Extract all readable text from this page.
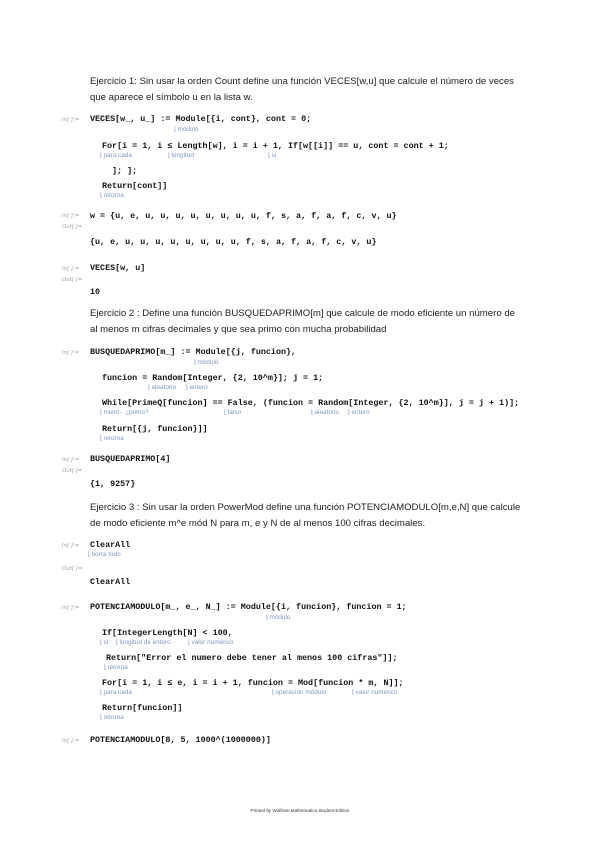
Ejercicio 1: Sin usar la orden Count define una función VECES[w,u] que calcule el número de veces
que aparece el símbolo u en la lista w.
In[ ]:= VECES[w_, u_] := Module[{i, cont}, cont = 0;
⌊ módulo
For[i = 1, i ≤ Length[w], i = i + 1, If[w[[i]] == u, cont = cont + 1;
⌊ para cada	⌊ longitud	⌊ si
]; ];
Return[cont]]
⌊ retorna
In[ ]:= w = {u, e, u, u, u, u, u, u, u, u, f, s, a, f, a, f, c, v, u}
Out[ ]=
{u, e, u, u, u, u, u, u, u, u, f, s, a, f, a, f, c, v, u}
In[ ]:= VECES[w, u]
Out[ ]=
10
Ejercicio 2 : Define una función BUSQUEDAPRIMO[m] que calcule de modo eficiente un número de
al menos m cifras decimales y que sea primo con mucha probabilidad
In[ ]:= BUSQUEDAPRIMO[m_] := Module[{j, funcion},
⌊ módulo
funcion = Random[Integer, {2, 10^m}]; j = 1;
⌊ aleatorio	⌊ entero
While[PrimeQ[funcion] == False, (funcion = Random[Integer, {2, 10^m}], j = j + 1)];
⌊ mient·· ¿primo?	⌊ falso	⌊ aleatorio	⌊ entero
Return[{j, funcion}]]
⌊ retorna
In[ ]:= BUSQUEDAPRIMO[4]
Out[ ]=
{1, 9257}
Ejercicio 3 : Sin usar la orden PowerMod define una función POTENCIAMODULO[m,e,N] que calcule
de modo eficiente m^e mód N para m, e y N de al menos 100 cifras decimales.
In[ ]:= ClearAll
⌊ borra todo
Out[ ]=
ClearAll
In[ ]:= POTENCIAMODULO[m_, e_, N_] := Module[{i, funcion}, funcion = 1;
⌊ módulo
If[IntegerLength[N] < 100,
⌊ si	⌊ longitud de entero	⌊ valor numérico
Return["Error el numero debe tener al menos 100 cifras"]];
⌊ retorna
For[i = 1, i ≤ e, i = i + 1, funcion = Mod[funcion * m, N]];
⌊ para cada	⌊ operación módulo	⌊ valor numérico
Return[funcion]]
⌊ retorna
In[ ]:= POTENCIAMODULO[8, 5, 1000^(1000000)]
Printed by Wolfram Mathematica Student Edition
